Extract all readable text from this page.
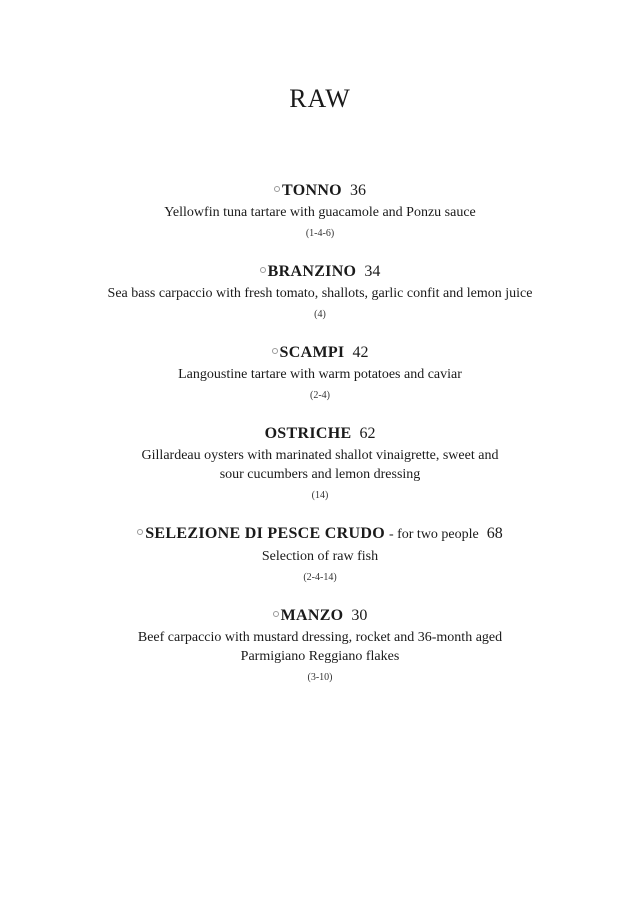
RAW
TONNO 36
Yellowfin tuna tartare with guacamole and Ponzu sauce
(1-4-6)
BRANZINO 34
Sea bass carpaccio with fresh tomato, shallots, garlic confit and lemon juice
(4)
SCAMPI 42
Langoustine tartare with warm potatoes and caviar
(2-4)
OSTRICHE 62
Gillardeau oysters with marinated shallot vinaigrette, sweet and sour cucumbers and lemon dressing
(14)
SELEZIONE DI PESCE CRUDO - for two people 68
Selection of raw fish
(2-4-14)
MANZO 30
Beef carpaccio with mustard dressing, rocket and 36-month aged Parmigiano Reggiano flakes
(3-10)
